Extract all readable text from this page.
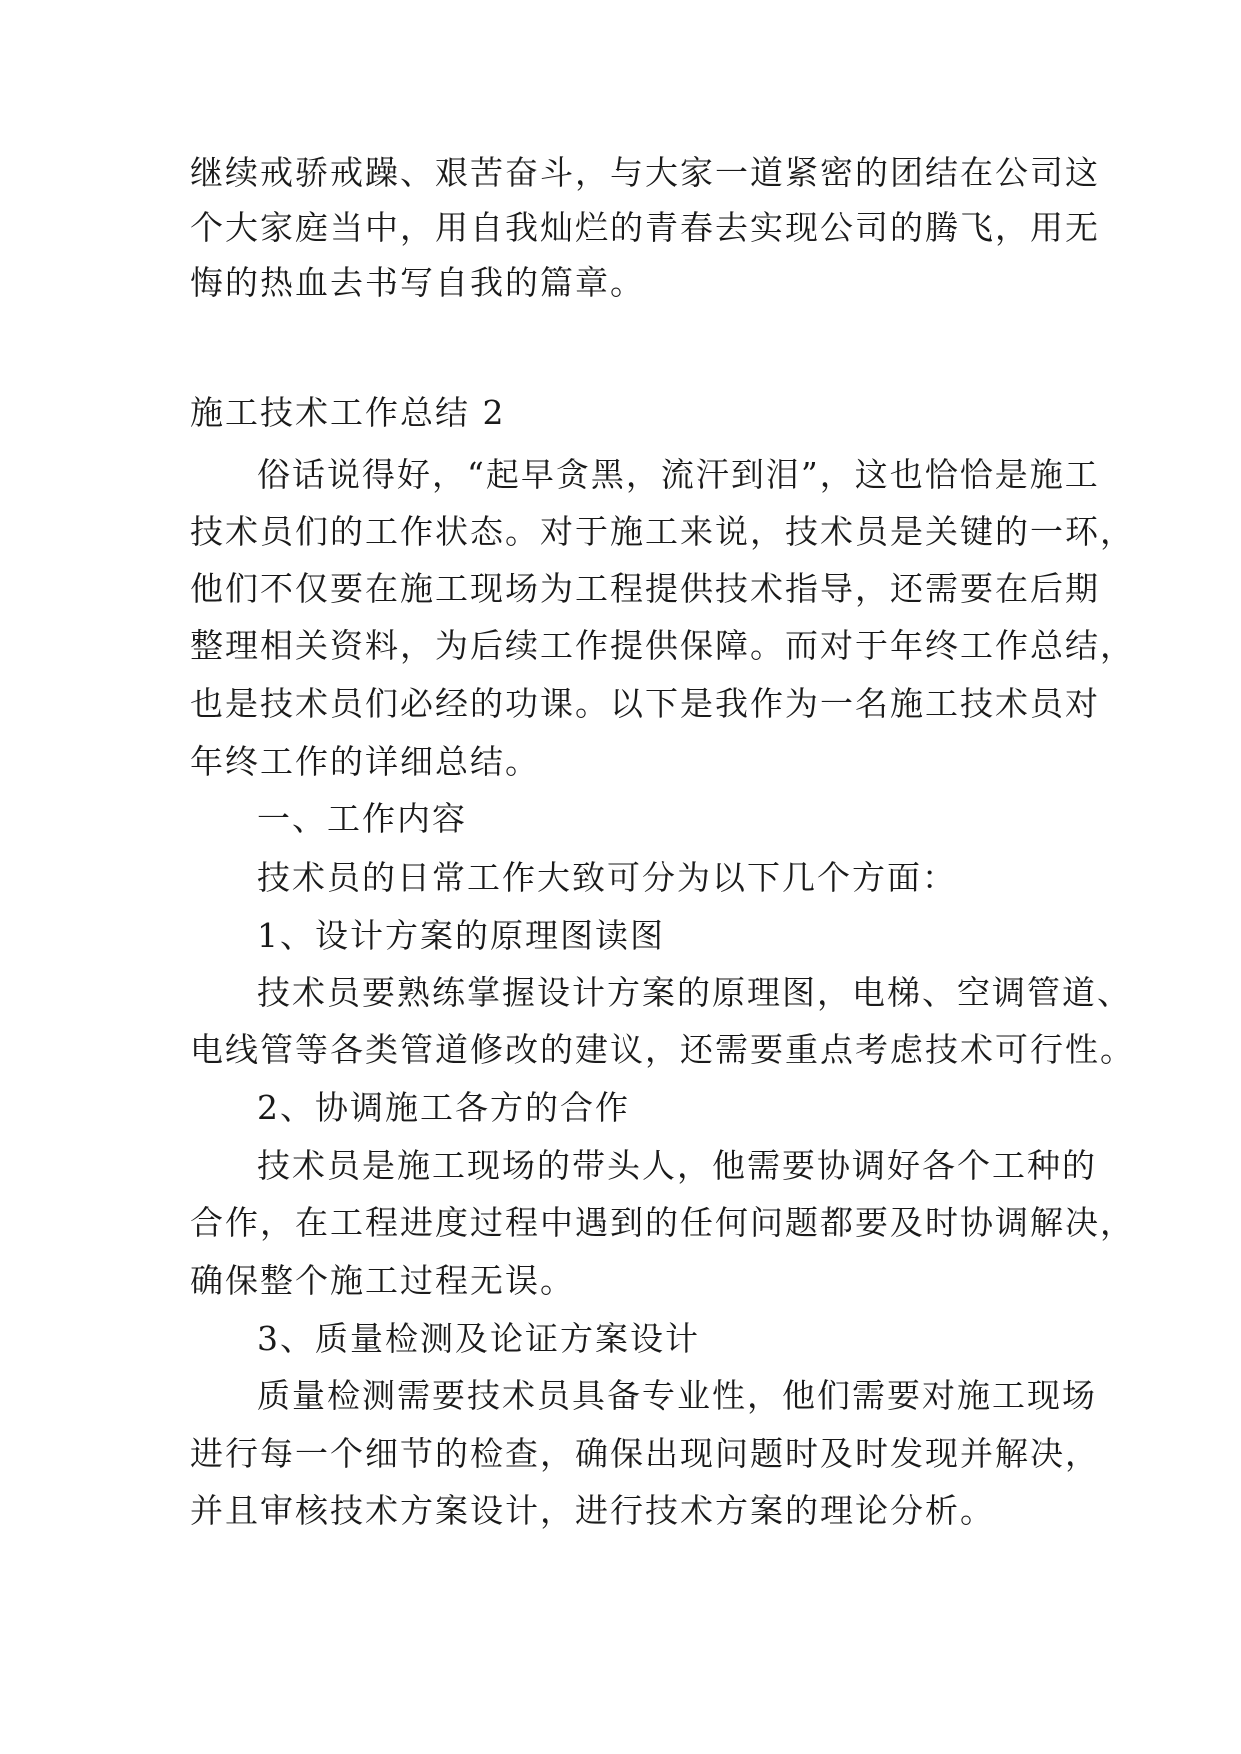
继续戒骄戒躁、艰苦奋斗，与大家一道紧密的团结在公司这
个大家庭当中，用自我灿烂的青春去实现公司的腾飞，用无
悔的热血去书写自我的篇章。
施工技术工作总结 2
俗话说得好，“起早贪黑，流汗到泪”，这也恰恰是施工
技术员们的工作状态。对于施工来说，技术员是关键的一环，
他们不仅要在施工现场为工程提供技术指导，还需要在后期
整理相关资料，为后续工作提供保障。而对于年终工作总结，
也是技术员们必经的功课。以下是我作为一名施工技术员对
年终工作的详细总结。
一、工作内容
技术员的日常工作大致可分为以下几个方面：
1、设计方案的原理图读图
技术员要熟练掌握设计方案的原理图，电梯、空调管道、
电线管等各类管道修改的建议，还需要重点考虑技术可行性。
2、协调施工各方的合作
技术员是施工现场的带头人，他需要协调好各个工种的
合作，在工程进度过程中遇到的任何问题都要及时协调解决，
确保整个施工过程无误。
3、质量检测及论证方案设计
质量检测需要技术员具备专业性，他们需要对施工现场
进行每一个细节的检查，确保出现问题时及时发现并解决，
并且审核技术方案设计，进行技术方案的理论分析。
